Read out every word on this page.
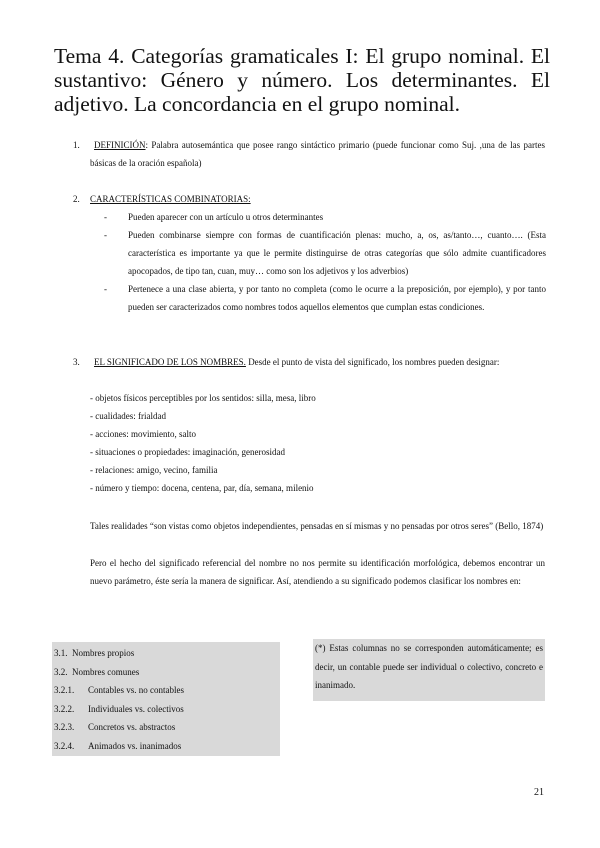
Tema 4. Categorías gramaticales I: El grupo nominal. El sustantivo: Género y número. Los determinantes. El adjetivo. La concordancia en el grupo nominal.
1. DEFINICIÓN: Palabra autosemántica que posee rango sintáctico primario (puede funcionar como Suj. ,una de las partes básicas de la oración española)
2. CARACTERÍSTICAS COMBINATORIAS:
- Pueden aparecer con un artículo u otros determinantes
- Pueden combinarse siempre con formas de cuantificación plenas: mucho, a, os, as/tanto…, cuanto…. (Esta característica es importante ya que le permite distinguirse de otras categorías que sólo admite cuantificadores apocopados, de tipo tan, cuan, muy… como son los adjetivos y los adverbios)
- Pertenece a una clase abierta, y por tanto no completa (como le ocurre a la preposición, por ejemplo), y por tanto pueden ser caracterizados como nombres todos aquellos elementos que cumplan estas condiciones.
3. EL SIGNIFICADO DE LOS NOMBRES. Desde el punto de vista del significado, los nombres pueden designar:
- objetos físicos perceptibles por los sentidos: silla, mesa, libro
- cualidades: frialdad
- acciones: movimiento, salto
- situaciones o propiedades: imaginación, generosidad
- relaciones: amigo, vecino, familia
- número y tiempo: docena, centena, par, día, semana, milenio
Tales realidades “son vistas como objetos independientes, pensadas en sí mismas y no pensadas por otros seres” (Bello, 1874)
Pero el hecho del significado referencial del nombre no nos permite su identificación morfológica, debemos encontrar un nuevo parámetro, éste sería la manera de significar. Así, atendiendo a su significado podemos clasificar los nombres en:
3.1. Nombres propios
3.2. Nombres comunes
3.2.1. Contables vs. no contables
3.2.2. Individuales vs. colectivos
3.2.3. Concretos vs. abstractos
3.2.4. Animados vs. inanimados
(*) Estas columnas no se corresponden automáticamente; es decir, un contable puede ser individual o colectivo, concreto e inanimado.
21
